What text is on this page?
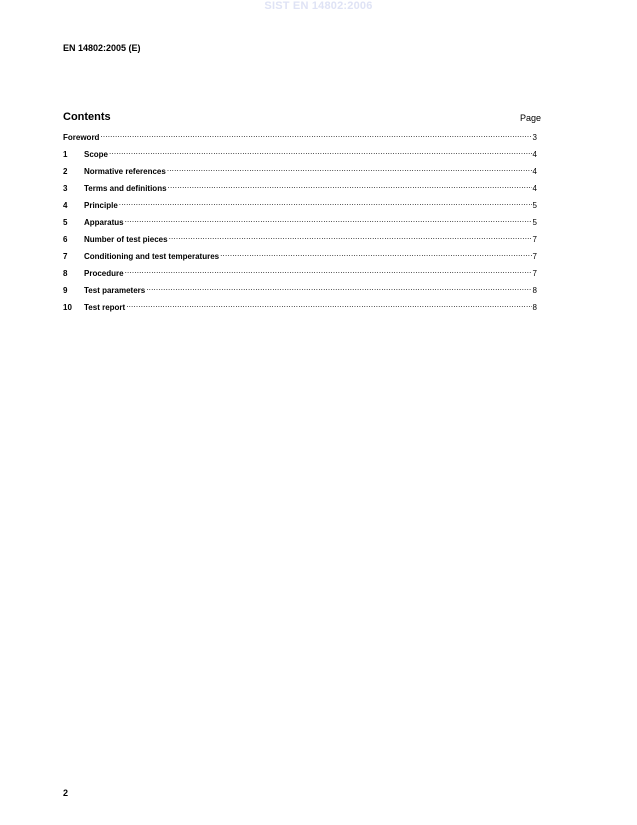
SIST EN 14802:2006
EN 14802:2005 (E)
Contents	Page
Foreword .....	3
1	Scope .....	4
2	Normative references .....	4
3	Terms and definitions .....	4
4	Principle .....	5
5	Apparatus .....	5
6	Number of test pieces .....	7
7	Conditioning and test temperatures .....	7
8	Procedure .....	7
9	Test parameters .....	8
10	Test report .....	8
2
